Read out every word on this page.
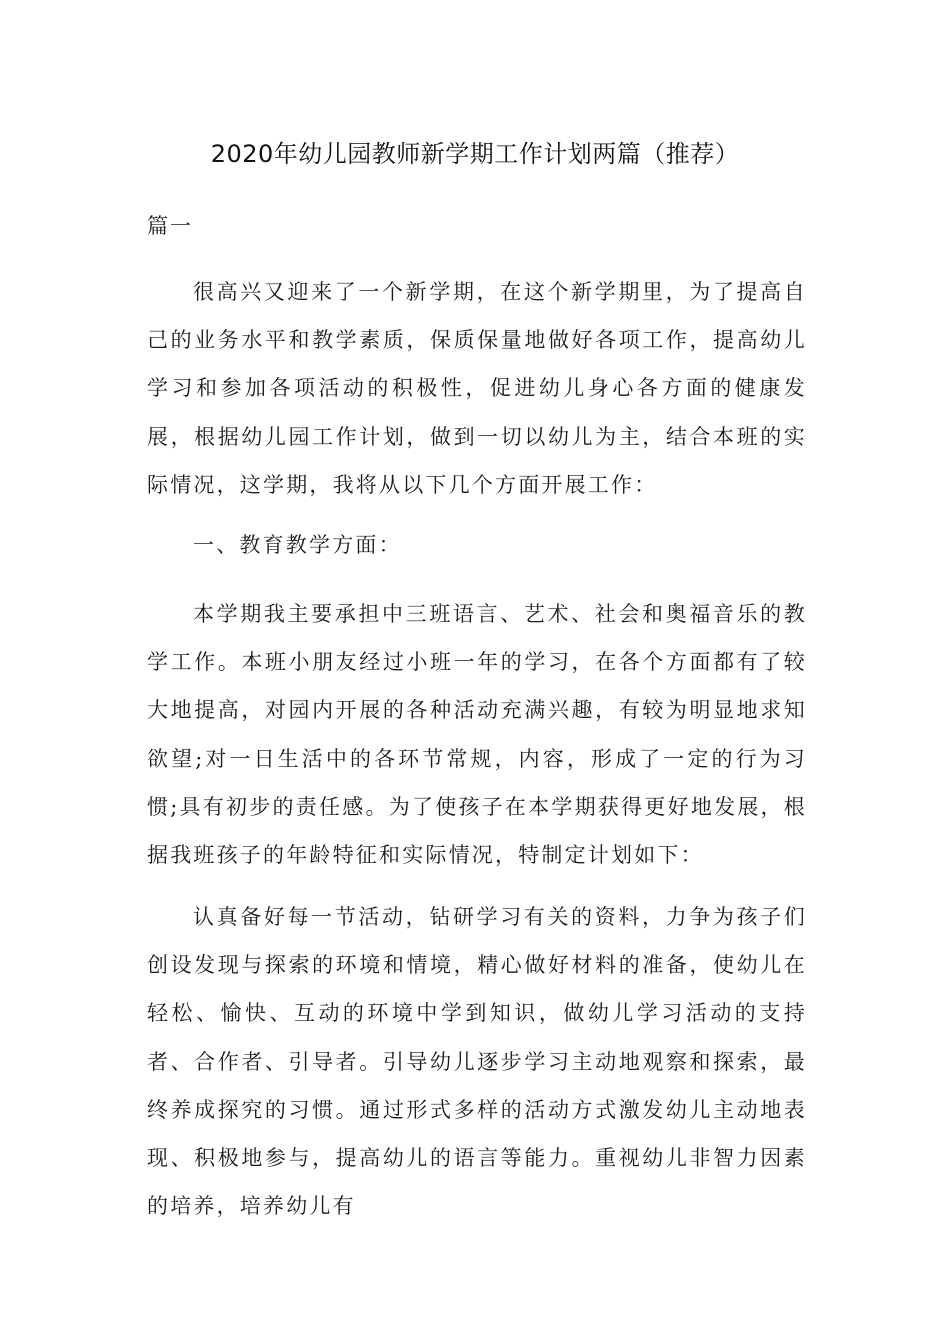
2020年幼儿园教师新学期工作计划两篇（推荐）
篇一

很高兴又迎来了一个新学期，在这个新学期里，为了提高自己的业务水平和教学素质，保质保量地做好各项工作，提高幼儿学习和参加各项活动的积极性，促进幼儿身心各方面的健康发展，根据幼儿园工作计划，做到一切以幼儿为主，结合本班的实际情况，这学期，我将从以下几个方面开展工作：

一、教育教学方面：

本学期我主要承担中三班语言、艺术、社会和奥福音乐的教学工作。本班小朋友经过小班一年的学习，在各个方面都有了较大地提高，对园内开展的各种活动充满兴趣，有较为明显地求知欲望;对一日生活中的各环节常规，内容，形成了一定的行为习惯;具有初步的责任感。为了使孩子在本学期获得更好地发展，根据我班孩子的年龄特征和实际情况，特制定计划如下：

认真备好每一节活动，钻研学习有关的资料，力争为孩子们创设发现与探索的环境和情境，精心做好材料的准备，使幼儿在轻松、愉快、互动的环境中学到知识，做幼儿学习活动的支持者、合作者、引导者。引导幼儿逐步学习主动地观察和探索，最终养成探究的习惯。通过形式多样的活动方式激发幼儿主动地表现、积极地参与，提高幼儿的语言等能力。重视幼儿非智力因素的培养，培养幼儿有
